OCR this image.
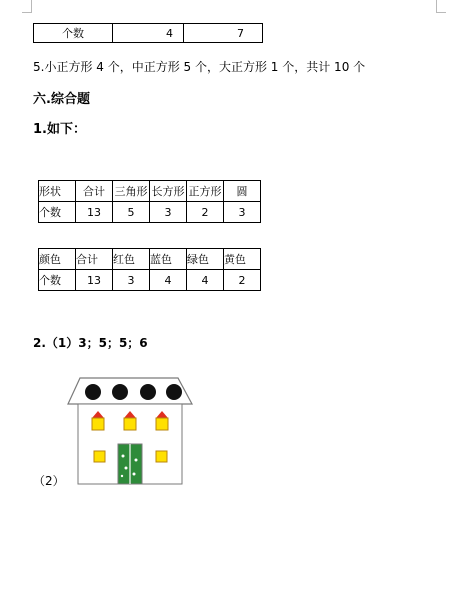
个数	4	7
5.小正方形 4 个，中正方形 5 个，大正方形 1 个，共计 10 个
六.综合题
1.如下：
形状	合计	三角形	长方形	正方形	圆
个数	13	5	3	2	3
颜色	合计	红色	蓝色	绿色	黄色
个数	13	3	4	4	2
2.（1）3；5；5；6
（2）
